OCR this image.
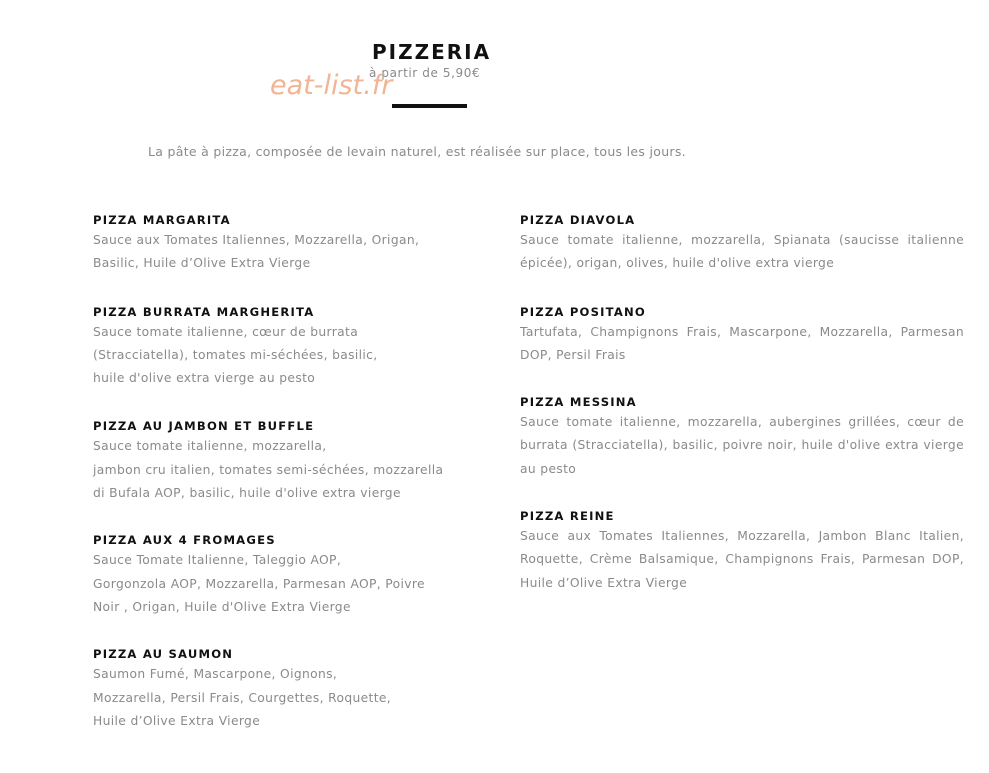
PIZZERIA
à partir de 5,90€
eat-list.fr

La pâte à pizza, composée de levain naturel, est réalisée sur place, tous les jours.

PIZZA MARGARITA
Sauce aux Tomates Italiennes, Mozzarella, Origan,
Basilic, Huile d’Olive Extra Vierge
PIZZA BURRATA MARGHERITA
Sauce tomate italienne, cœur de burrata
(Stracciatella), tomates mi-séchées, basilic,
huile d'olive extra vierge au pesto
PIZZA AU JAMBON ET BUFFLE
Sauce tomate italienne, mozzarella,
jambon cru italien, tomates semi-séchées, mozzarella
di Bufala AOP, basilic, huile d'olive extra vierge
PIZZA AUX 4 FROMAGES
Sauce Tomate Italienne, Taleggio AOP,
Gorgonzola AOP, Mozzarella, Parmesan AOP, Poivre
Noir , Origan, Huile d'Olive Extra Vierge
PIZZA AU SAUMON
Saumon Fumé, Mascarpone, Oignons,
Mozzarella, Persil Frais, Courgettes, Roquette,
Huile d’Olive Extra Vierge
PIZZA DIAVOLA
Sauce tomate italienne, mozzarella, Spianata (saucisse italienne épicée), origan, olives, huile d'olive extra vierge
PIZZA POSITANO
Tartufata, Champignons Frais, Mascarpone, Mozzarella, Parmesan DOP, Persil Frais
PIZZA MESSINA
Sauce tomate italienne, mozzarella, aubergines grillées, cœur de burrata (Stracciatella), basilic, poivre noir, huile d'olive extra vierge au pesto
PIZZA REINE
Sauce aux Tomates Italiennes, Mozzarella, Jambon Blanc Italien, Roquette, Crème Balsamique, Champignons Frais, Parmesan DOP, Huile d’Olive Extra Vierge
